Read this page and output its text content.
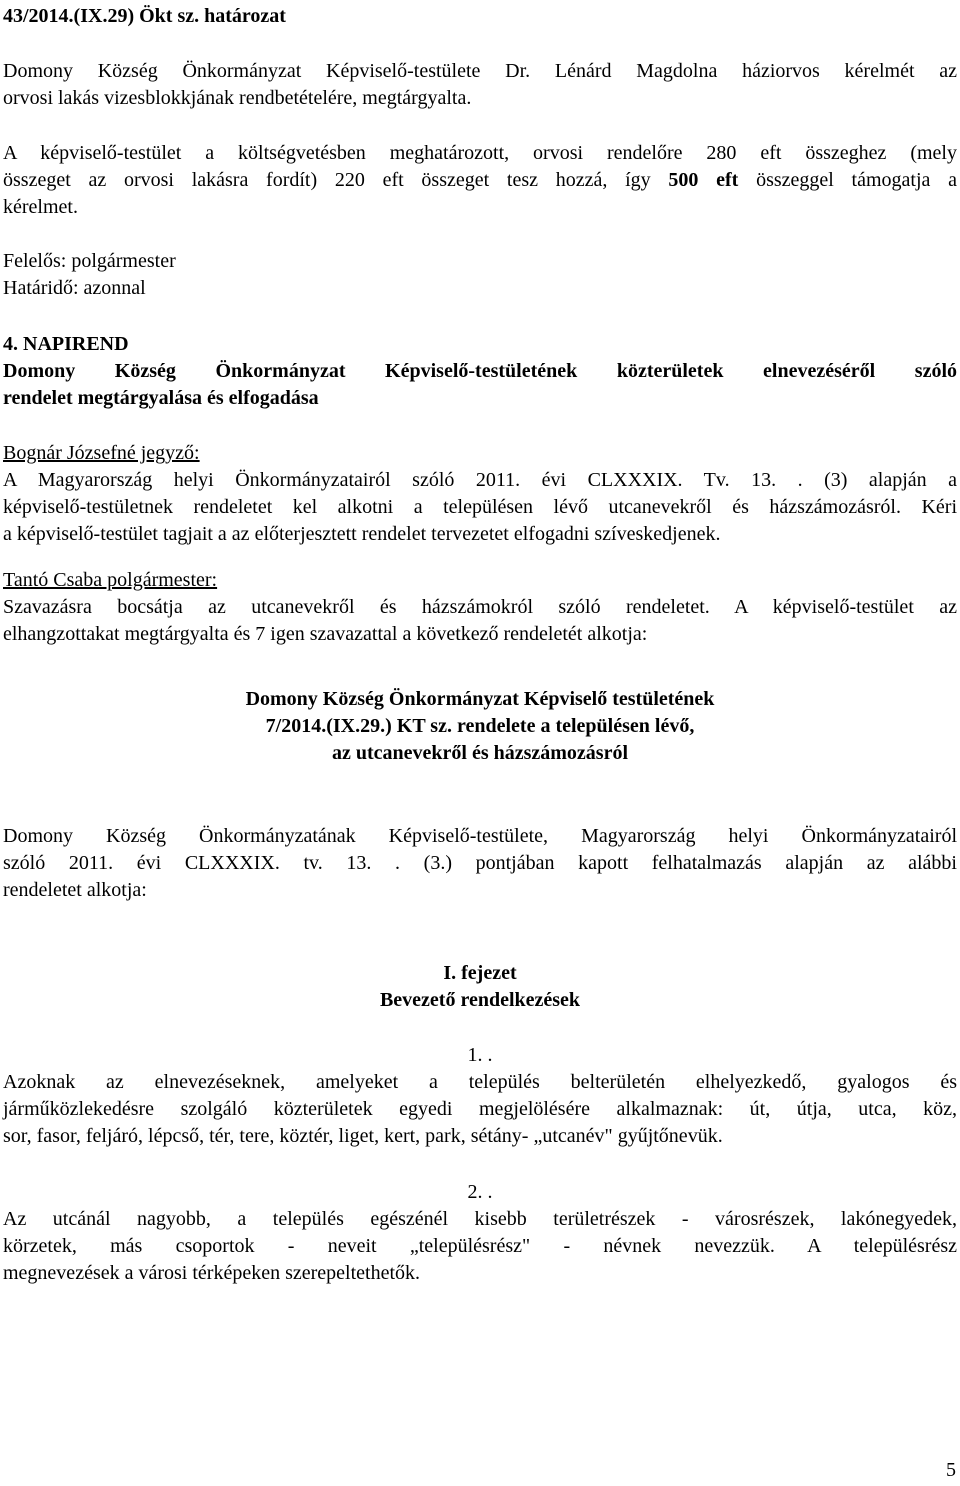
43/2014.(IX.29) Ökt sz. határozat

Domony Község Önkormányzat Képviselő-testülete Dr. Lénárd Magdolna háziorvos kérelmét az
orvosi lakás vizesblokkjának rendbetételére, megtárgyalta.

A képviselő-testület a költségvetésben meghatározott, orvosi rendelőre 280 eft összeghez (mely
összeget az orvosi lakásra fordít) 220 eft összeget tesz hozzá, így 500 eft összeggel támogatja a
kérelmet.

Felelős: polgármester
Határidő: azonnal

4. NAPIREND
Domony Község Önkormányzat Képviselő-testületének közterületek elnevezéséről szóló
rendelet megtárgyalása és elfogadása

Bognár Józsefné jegyző:
A Magyarország helyi Önkormányzatairól szóló 2011. évi CLXXXIX. Tv. 13. . (3) alapján a
képviselő-testületnek rendeletet kel alkotni a településen lévő utcanevekről és házszámozásról. Kéri
a képviselő-testület tagjait a az előterjesztett rendelet tervezetet elfogadni szíveskedjenek.

Tantó Csaba polgármester:
Szavazásra bocsátja az utcanevekről és házszámokról szóló rendeletet. A képviselő-testület az
elhangzottakat megtárgyalta és 7 igen szavazattal a következő rendeletét alkotja:

Domony Község Önkormányzat Képviselő testületének
7/2014.(IX.29.) KT sz. rendelete a településen lévő,
az utcanevekről és házszámozásról

Domony Község Önkormányzatának Képviselő-testülete, Magyarország helyi Önkormányzatairól
szóló 2011. évi CLXXXIX. tv. 13. . (3.) pontjában kapott felhatalmazás alapján az alábbi
rendeletet alkotja:

I. fejezet
Bevezető rendelkezések

1. .

Azoknak az elnevezéseknek, amelyeket a település belterületén elhelyezkedő, gyalogos és
járműközlekedésre szolgáló közterületek egyedi megjelölésére alkalmaznak: út, útja, utca, köz,
sor, fasor, feljáró, lépcső, tér, tere, köztér, liget, kert, park, sétány- „utcanév" gyűjtőnevük.

2. .

Az utcánál nagyobb, a település egészénél kisebb területrészek - városrészek, lakónegyedek,
körzetek, más csoportok - neveit „településrész" - névnek nevezzük. A településrész
megnevezések a városi térképeken szerepeltethetők.

5
